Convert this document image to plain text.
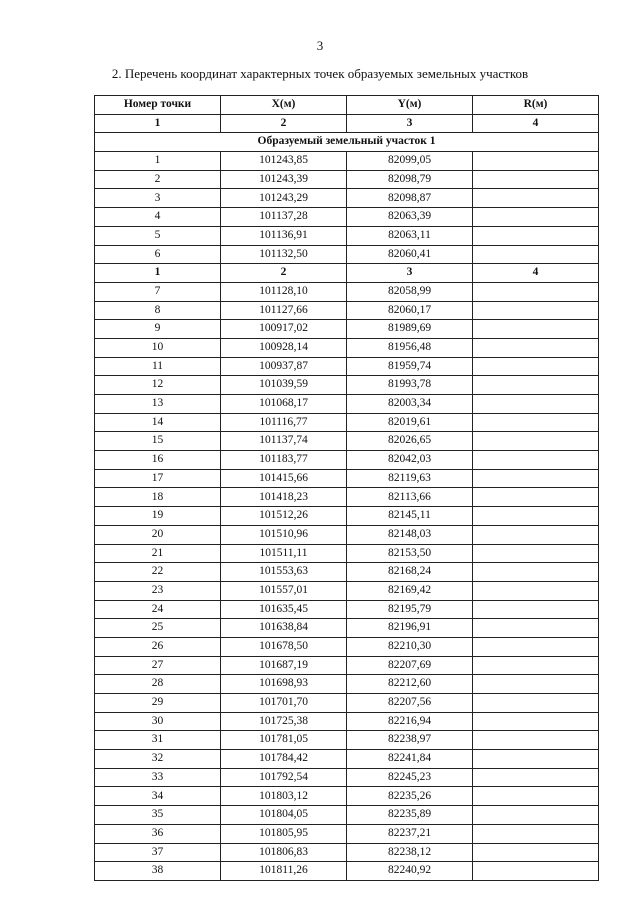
3
2. Перечень координат характерных точек образуемых земельных участков
Номер точки	X(м)	Y(м)	R(м)
1	2	3	4
Образуемый земельный участок 1			
1	101243,85	82099,05	
2	101243,39	82098,79	
3	101243,29	82098,87	
4	101137,28	82063,39	
5	101136,91	82063,11	
6	101132,50	82060,41	
1	2	3	4
7	101128,10	82058,99	
8	101127,66	82060,17	
9	100917,02	81989,69	
10	100928,14	81956,48	
11	100937,87	81959,74	
12	101039,59	81993,78	
13	101068,17	82003,34	
14	101116,77	82019,61	
15	101137,74	82026,65	
16	101183,77	82042,03	
17	101415,66	82119,63	
18	101418,23	82113,66	
19	101512,26	82145,11	
20	101510,96	82148,03	
21	101511,11	82153,50	
22	101553,63	82168,24	
23	101557,01	82169,42	
24	101635,45	82195,79	
25	101638,84	82196,91	
26	101678,50	82210,30	
27	101687,19	82207,69	
28	101698,93	82212,60	
29	101701,70	82207,56	
30	101725,38	82216,94	
31	101781,05	82238,97	
32	101784,42	82241,84	
33	101792,54	82245,23	
34	101803,12	82235,26	
35	101804,05	82235,89	
36	101805,95	82237,21	
37	101806,83	82238,12	
38	101811,26	82240,92	
